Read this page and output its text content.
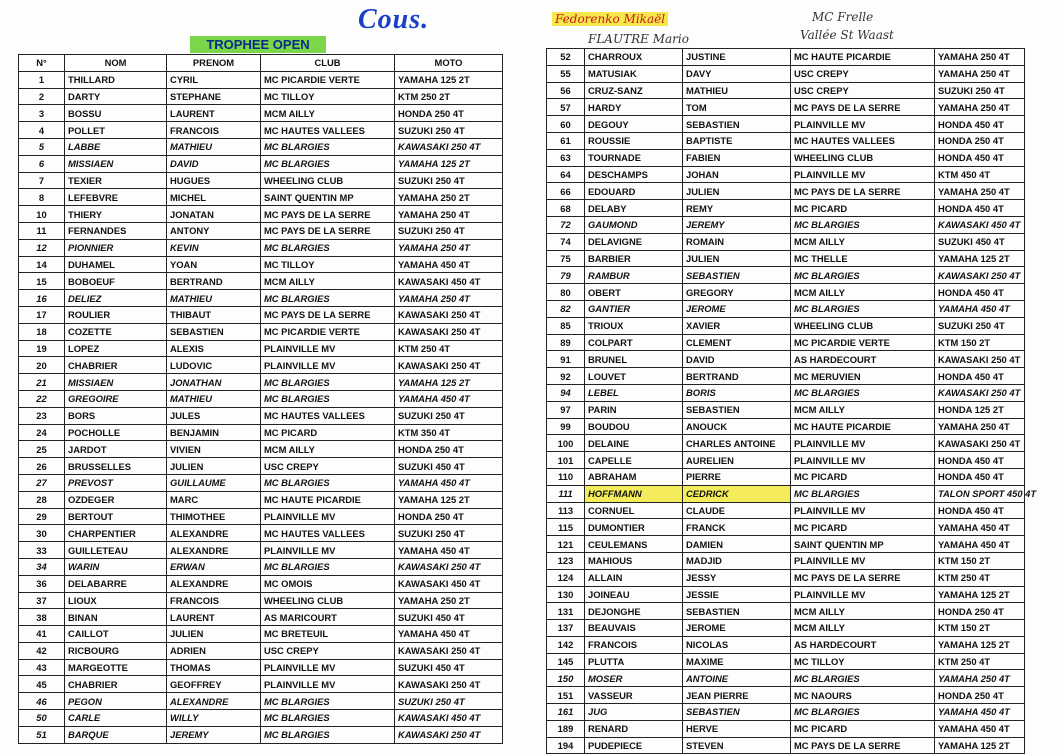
Cous.
TROPHEE OPEN
Fedorenko Mikaël
FLAUTRE Mario
MC Frelle
Vallée St Waast
N°	NOM	PRENOM	CLUB	MOTO
1	THILLARD	CYRIL	MC PICARDIE VERTE	YAMAHA 125 2T
2	DARTY	STEPHANE	MC TILLOY	KTM 250 2T
3	BOSSU	LAURENT	MCM AILLY	HONDA 250 4T
4	POLLET	FRANCOIS	MC HAUTES VALLEES	SUZUKI 250 4T
5	LABBE	MATHIEU	MC BLARGIES	KAWASAKI 250 4T
6	MISSIAEN	DAVID	MC BLARGIES	YAMAHA 125 2T
7	TEXIER	HUGUES	WHEELING CLUB	SUZUKI 250 4T
8	LEFEBVRE	MICHEL	SAINT QUENTIN MP	YAMAHA 250 2T
10	THIERY	JONATAN	MC PAYS DE LA SERRE	YAMAHA 250 4T
11	FERNANDES	ANTONY	MC PAYS DE LA SERRE	SUZUKI 250 4T
12	PIONNIER	KEVIN	MC BLARGIES	YAMAHA 250 4T
14	DUHAMEL	YOAN	MC TILLOY	YAMAHA 450 4T
15	BOBOEUF	BERTRAND	MCM AILLY	KAWASAKI 450 4T
16	DELIEZ	MATHIEU	MC BLARGIES	YAMAHA 250 4T
17	ROULIER	THIBAUT	MC PAYS DE LA SERRE	KAWASAKI 250 4T
18	COZETTE	SEBASTIEN	MC PICARDIE VERTE	KAWASAKI 250 4T
19	LOPEZ	ALEXIS	PLAINVILLE MV	KTM 250 4T
20	CHABRIER	LUDOVIC	PLAINVILLE MV	KAWASAKI 250 4T
21	MISSIAEN	JONATHAN	MC BLARGIES	YAMAHA 125 2T
22	GREGOIRE	MATHIEU	MC BLARGIES	YAMAHA 450 4T
23	BORS	JULES	MC HAUTES VALLEES	SUZUKI 250 4T
24	POCHOLLE	BENJAMIN	MC PICARD	KTM 350 4T
25	JARDOT	VIVIEN	MCM AILLY	HONDA 250 4T
26	BRUSSELLES	JULIEN	USC CREPY	SUZUKI 450 4T
27	PREVOST	GUILLAUME	MC BLARGIES	YAMAHA 450 4T
28	OZDEGER	MARC	MC HAUTE PICARDIE	YAMAHA 125 2T
29	BERTOUT	THIMOTHEE	PLAINVILLE MV	HONDA 250 4T
30	CHARPENTIER	ALEXANDRE	MC HAUTES VALLEES	SUZUKI 250 4T
33	GUILLETEAU	ALEXANDRE	PLAINVILLE MV	YAMAHA 450 4T
34	WARIN	ERWAN	MC BLARGIES	KAWASAKI 250 4T
36	DELABARRE	ALEXANDRE	MC OMOIS	KAWASAKI 450 4T
37	LIOUX	FRANCOIS	WHEELING CLUB	YAMAHA 250 2T
38	BINAN	LAURENT	AS MARICOURT	SUZUKI 450 4T
41	CAILLOT	JULIEN	MC BRETEUIL	YAMAHA 450 4T
42	RICBOURG	ADRIEN	USC CREPY	KAWASAKI 250 4T
43	MARGEOTTE	THOMAS	PLAINVILLE MV	SUZUKI 450 4T
45	CHABRIER	GEOFFREY	PLAINVILLE MV	KAWASAKI 250 4T
46	PEGON	ALEXANDRE	MC BLARGIES	SUZUKI 250 4T
50	CARLE	WILLY	MC BLARGIES	KAWASAKI 450 4T
51	BARQUE	JEREMY	MC BLARGIES	KAWASAKI 250 4T
52	CHARROUX	JUSTINE	MC HAUTE PICARDIE	YAMAHA 250 4T
55	MATUSIAK	DAVY	USC CREPY	YAMAHA 250 4T
56	CRUZ-SANZ	MATHIEU	USC CREPY	SUZUKI 250 4T
57	HARDY	TOM	MC PAYS DE LA SERRE	YAMAHA 250 4T
60	DEGOUY	SEBASTIEN	PLAINVILLE MV	HONDA 450 4T
61	ROUSSIE	BAPTISTE	MC HAUTES VALLEES	HONDA 250 4T
63	TOURNADE	FABIEN	WHEELING CLUB	HONDA 450 4T
64	DESCHAMPS	JOHAN	PLAINVILLE MV	KTM 450 4T
66	EDOUARD	JULIEN	MC PAYS DE LA SERRE	YAMAHA 250 4T
68	DELABY	REMY	MC PICARD	HONDA 450 4T
72	GAUMOND	JEREMY	MC BLARGIES	KAWASAKI 450 4T
74	DELAVIGNE	ROMAIN	MCM AILLY	SUZUKI 450 4T
75	BARBIER	JULIEN	MC THELLE	YAMAHA 125 2T
79	RAMBUR	SEBASTIEN	MC BLARGIES	KAWASAKI 250 4T
80	OBERT	GREGORY	MCM AILLY	HONDA 450 4T
82	GANTIER	JEROME	MC BLARGIES	YAMAHA 450 4T
85	TRIOUX	XAVIER	WHEELING CLUB	SUZUKI 250 4T
89	COLPART	CLEMENT	MC PICARDIE VERTE	KTM 150 2T
91	BRUNEL	DAVID	AS HARDECOURT	KAWASAKI 250 4T
92	LOUVET	BERTRAND	MC MERUVIEN	HONDA 450 4T
94	LEBEL	BORIS	MC BLARGIES	KAWASAKI 250 4T
97	PARIN	SEBASTIEN	MCM AILLY	HONDA 125 2T
99	BOUDOU	ANOUCK	MC HAUTE PICARDIE	YAMAHA 250 4T
100	DELAINE	CHARLES ANTOINE	PLAINVILLE MV	KAWASAKI 250 4T
101	CAPELLE	AURELIEN	PLAINVILLE MV	HONDA 450 4T
110	ABRAHAM	PIERRE	MC PICARD	HONDA 450 4T
111	HOFFMANN	CEDRICK	MC BLARGIES	TALON SPORT 450 4T
113	CORNUEL	CLAUDE	PLAINVILLE MV	HONDA 450 4T
115	DUMONTIER	FRANCK	MC PICARD	YAMAHA 450 4T
121	CEULEMANS	DAMIEN	SAINT QUENTIN MP	YAMAHA 450 4T
123	MAHIOUS	MADJID	PLAINVILLE MV	KTM 150 2T
124	ALLAIN	JESSY	MC PAYS DE LA SERRE	KTM 250 4T
130	JOINEAU	JESSIE	PLAINVILLE MV	YAMAHA 125 2T
131	DEJONGHE	SEBASTIEN	MCM AILLY	HONDA 250 4T
137	BEAUVAIS	JEROME	MCM AILLY	KTM 150 2T
142	FRANCOIS	NICOLAS	AS HARDECOURT	YAMAHA 125 2T
145	PLUTTA	MAXIME	MC TILLOY	KTM 250 4T
150	MOSER	ANTOINE	MC BLARGIES	YAMAHA 250 4T
151	VASSEUR	JEAN PIERRE	MC NAOURS	HONDA 250 4T
161	JUG	SEBASTIEN	MC BLARGIES	YAMAHA 450 4T
189	RENARD	HERVE	MC PICARD	YAMAHA 450 4T
194	PUDEPIECE	STEVEN	MC PAYS DE LA SERRE	YAMAHA 125 2T
